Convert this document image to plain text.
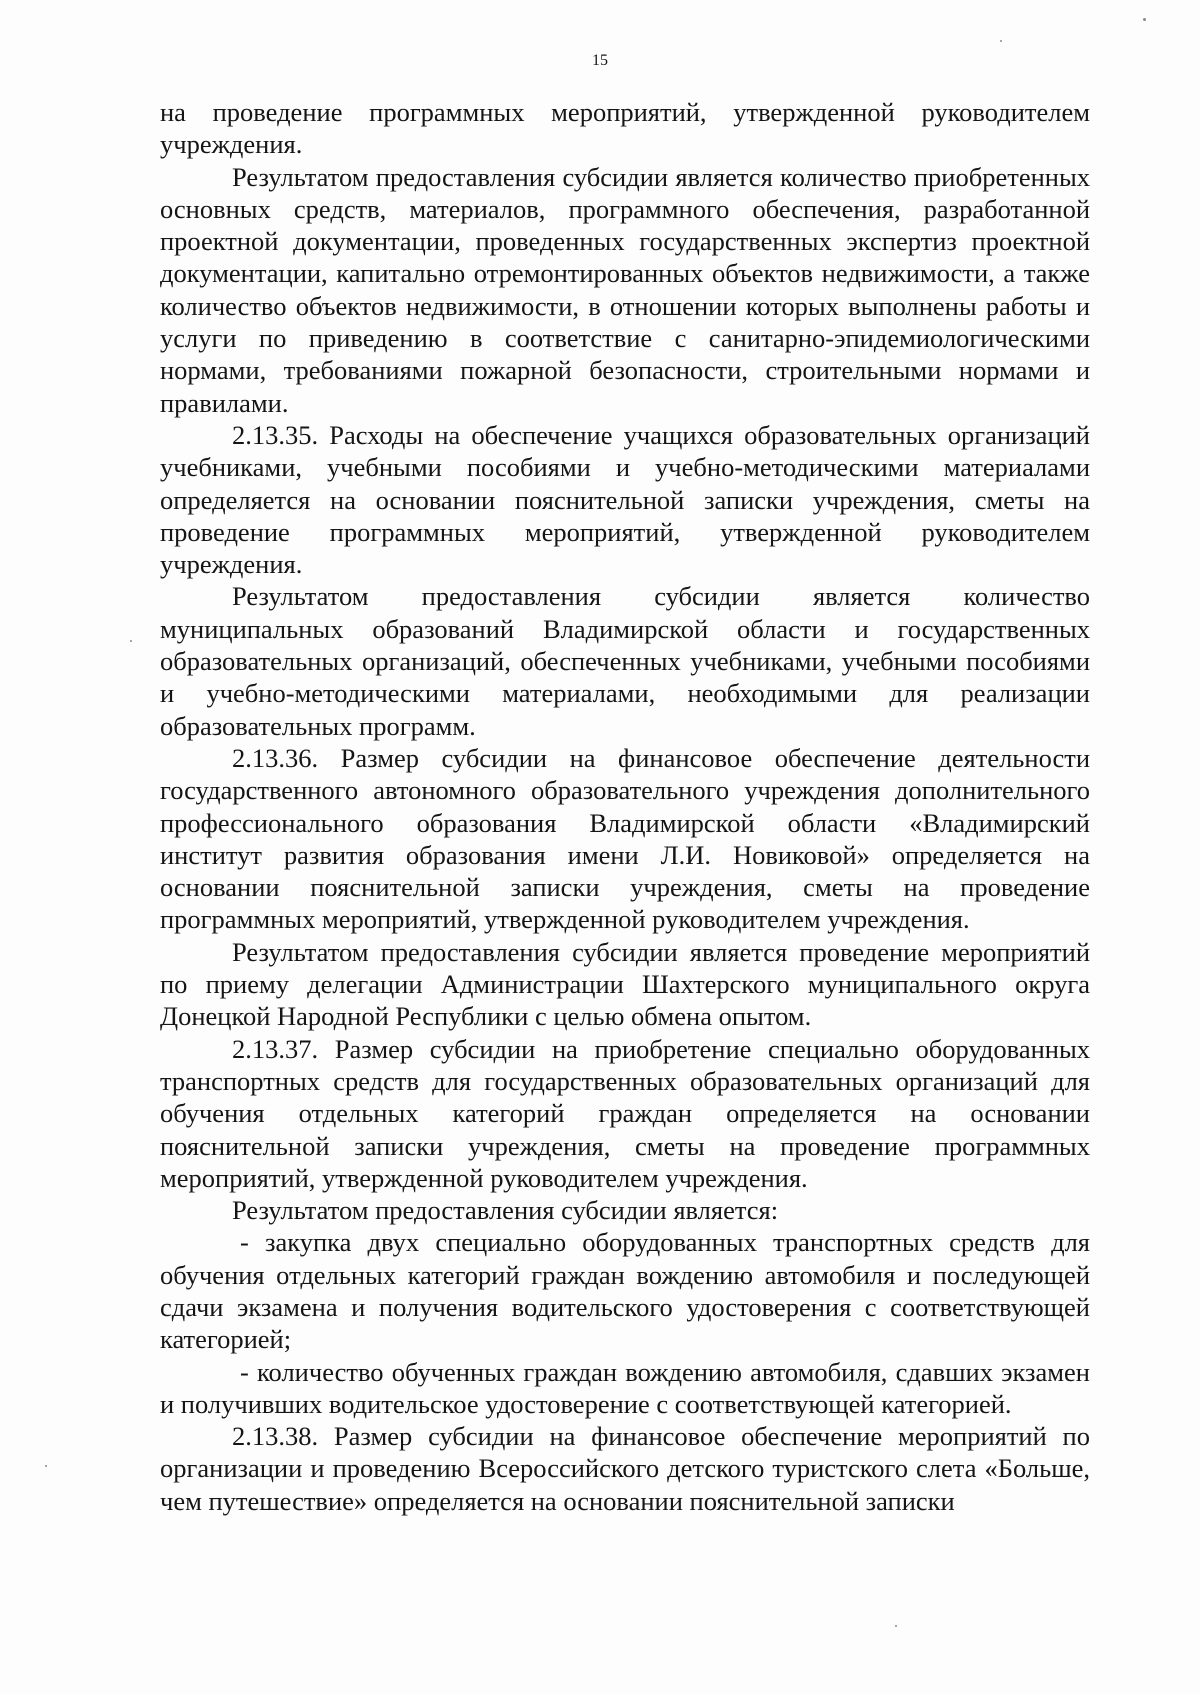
15

на проведение программных мероприятий, утвержденной руководителем учреждения.

Результатом предоставления субсидии является количество приобретенных основных средств, материалов, программного обеспечения, разработанной проектной документации, проведенных государственных экспертиз проектной документации, капитально отремонтированных объектов недвижимости, а также количество объектов недвижимости, в отношении которых выполнены работы и услуги по приведению в соответствие с санитарно-эпидемиологическими нормами, требованиями пожарной безопасности, строительными нормами и правилами.

2.13.35. Расходы на обеспечение учащихся образовательных организаций учебниками, учебными пособиями и учебно-методическими материалами определяется на основании пояснительной записки учреждения, сметы на проведение программных мероприятий, утвержденной руководителем учреждения.

Результатом предоставления субсидии является количество муниципальных образований Владимирской области и государственных образовательных организаций, обеспеченных учебниками, учебными пособиями и учебно-методическими материалами, необходимыми для реализации образовательных программ.

2.13.36. Размер субсидии на финансовое обеспечение деятельности государственного автономного образовательного учреждения дополнительного профессионального образования Владимирской области «Владимирский институт развития образования имени Л.И. Новиковой» определяется на основании пояснительной записки учреждения, сметы на проведение программных мероприятий, утвержденной руководителем учреждения.

Результатом предоставления субсидии является проведение мероприятий по приему делегации Администрации Шахтерского муниципального округа Донецкой Народной Республики с целью обмена опытом.

2.13.37. Размер субсидии на приобретение специально оборудованных транспортных средств для государственных образовательных организаций для обучения отдельных категорий граждан определяется на основании пояснительной записки учреждения, сметы на проведение программных мероприятий, утвержденной руководителем учреждения.

Результатом предоставления субсидии является:

- закупка двух специально оборудованных транспортных средств для обучения отдельных категорий граждан вождению автомобиля и последующей сдачи экзамена и получения водительского удостоверения с соответствующей категорией;

- количество обученных граждан вождению автомобиля, сдавших экзамен и получивших водительское удостоверение с соответствующей категорией.

2.13.38. Размер субсидии на финансовое обеспечение мероприятий по организации и проведению Всероссийского детского туристского слета «Больше, чем путешествие» определяется на основании пояснительной записки
